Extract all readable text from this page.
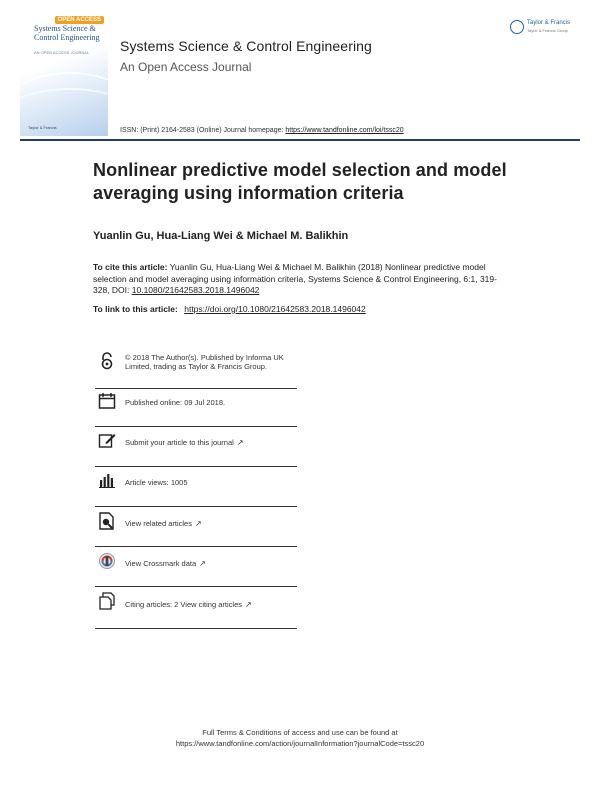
OPEN ACCESS
Systems Science & Control Engineering
AN OPEN ACCESS JOURNAL
Taylor & Francis
Systems Science & Control Engineering
An Open Access Journal
Taylor & Francis
Taylor & Francis Group
ISSN: (Print) 2164-2583 (Online) Journal homepage: https://www.tandfonline.com/loi/tssc20
Nonlinear predictive model selection and model averaging using information criteria
Yuanlin Gu, Hua-Liang Wei & Michael M. Balikhin
To cite this article: Yuanlin Gu, Hua-Liang Wei & Michael M. Balikhin (2018) Nonlinear predictive model selection and model averaging using information criteria, Systems Science & Control Engineering, 6:1, 319-328, DOI: 10.1080/21642583.2018.1496042
To link to this article: https://doi.org/10.1080/21642583.2018.1496042
© 2018 The Author(s). Published by Informa UK Limited, trading as Taylor & Francis Group.
Published online: 09 Jul 2018.
Submit your article to this journal ↗
Article views: 1005
View related articles ↗
View Crossmark data ↗
Citing articles: 2 View citing articles ↗
Full Terms & Conditions of access and use can be found at
https://www.tandfonline.com/action/journalInformation?journalCode=tssc20
